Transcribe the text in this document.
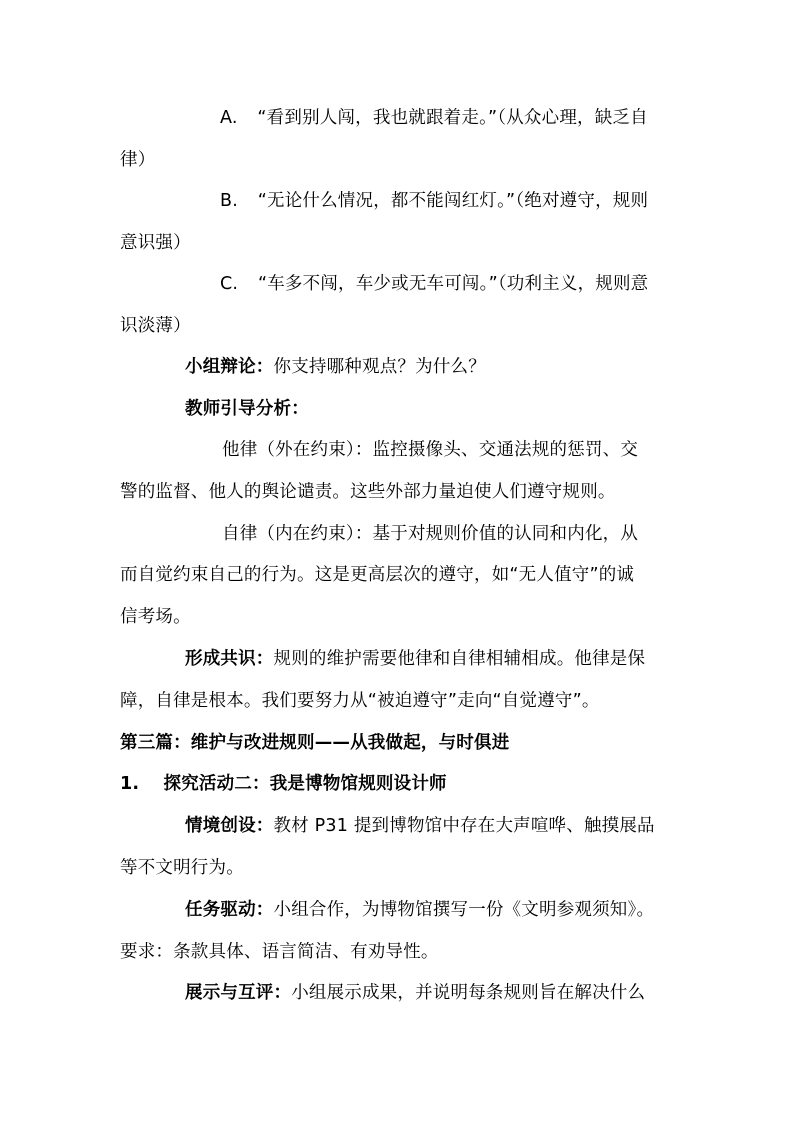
A. “看到别人闯，我也就跟着走。”（从众心理，缺乏自
律）
B. “无论什么情况，都不能闯红灯。”（绝对遵守，规则
意识强）
C. “车多不闯，车少或无车可闯。”（功利主义，规则意
识淡薄）
小组辩论：你支持哪种观点？为什么？
教师引导分析：
他律（外在约束）：监控摄像头、交通法规的惩罚、交
警的监督、他人的舆论谴责。这些外部力量迫使人们遵守规则。
自律（内在约束）：基于对规则价值的认同和内化，从
而自觉约束自己的行为。这是更高层次的遵守，如“无人值守”的诚
信考场。
形成共识：规则的维护需要他律和自律相辅相成。他律是保
障，自律是根本。我们要努力从“被迫遵守”走向“自觉遵守”。
第三篇：维护与改进规则——从我做起，与时俱进
1. 探究活动二：我是博物馆规则设计师
情境创设：教材 P31 提到博物馆中存在大声喧哗、触摸展品
等不文明行为。
任务驱动：小组合作，为博物馆撰写一份《文明参观须知》。
要求：条款具体、语言简洁、有劝导性。
展示与互评：小组展示成果，并说明每条规则旨在解决什么
